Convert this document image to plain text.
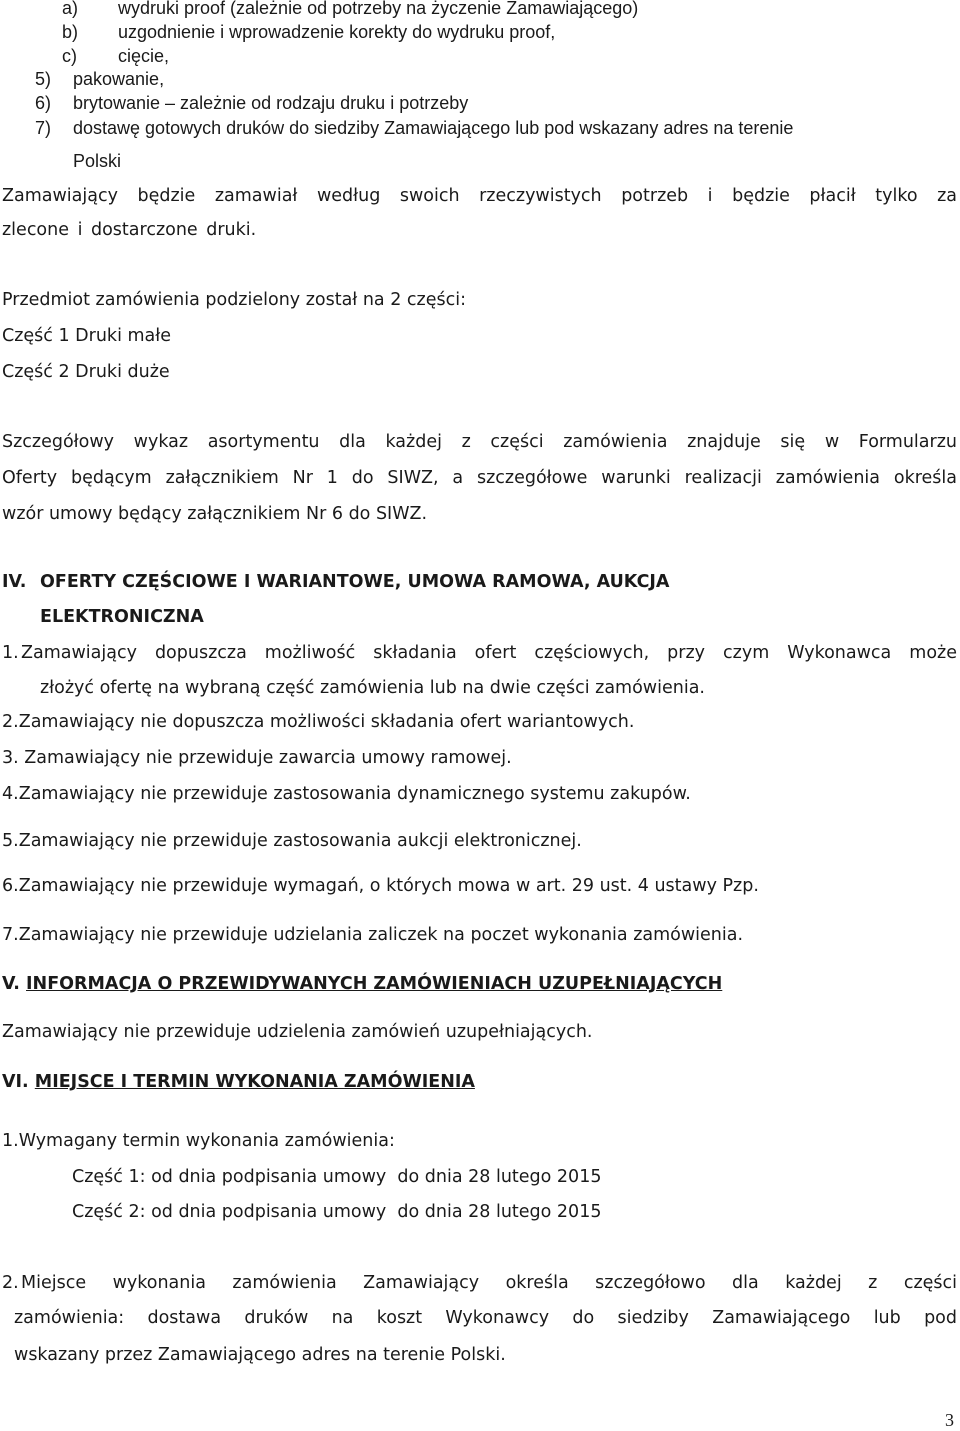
a) wydruki proof (zależnie od potrzeby na życzenie Zamawiającego)
b) uzgodnienie i wprowadzenie korekty do wydruku proof,
c) cięcie,
5) pakowanie,
6) brytowanie – zależnie od rodzaju druku i potrzeby
7) dostawę gotowych druków do siedziby Zamawiającego lub pod wskazany adres na terenie
Polski
Zamawiający będzie zamawiał według swoich rzeczywistych potrzeb i będzie płacił tylko za
zlecone i dostarczone druki.
Przedmiot zamówienia podzielony został na 2 części:
Część 1 Druki małe
Część 2 Druki duże
Szczegółowy wykaz asortymentu dla każdej z części zamówienia znajduje się w Formularzu
Oferty będącym załącznikiem Nr 1 do SIWZ, a szczegółowe warunki realizacji zamówienia określa
wzór umowy będący załącznikiem Nr 6 do SIWZ.
IV. OFERTY CZĘŚCIOWE I WARIANTOWE, UMOWA RAMOWA, AUKCJA
ELEKTRONICZNA
1. Zamawiający dopuszcza możliwość składania ofert częściowych, przy czym Wykonawca może
złożyć ofertę na wybraną część zamówienia lub na dwie części zamówienia.
2.Zamawiający nie dopuszcza możliwości składania ofert wariantowych.
3. Zamawiający nie przewiduje zawarcia umowy ramowej.
4.Zamawiający nie przewiduje zastosowania dynamicznego systemu zakupów.
5.Zamawiający nie przewiduje zastosowania aukcji elektronicznej.
6.Zamawiający nie przewiduje wymagań, o których mowa w art. 29 ust. 4 ustawy Pzp.
7.Zamawiający nie przewiduje udzielania zaliczek na poczet wykonania zamówienia.
V. INFORMACJA O PRZEWIDYWANYCH ZAMÓWIENIACH UZUPEŁNIAJĄCYCH
Zamawiający nie przewiduje udzielenia zamówień uzupełniających.
VI. MIEJSCE I TERMIN WYKONANIA ZAMÓWIENIA
1.Wymagany termin wykonania zamówienia:
Część 1: od dnia podpisania umowy  do dnia 28 lutego 2015
Część 2: od dnia podpisania umowy  do dnia 28 lutego 2015
2. Miejsce wykonania zamówienia Zamawiający określa szczegółowo dla każdej z części
zamówienia: dostawa druków na koszt Wykonawcy do siedziby Zamawiającego lub pod
wskazany przez Zamawiającego adres na terenie Polski.
3
